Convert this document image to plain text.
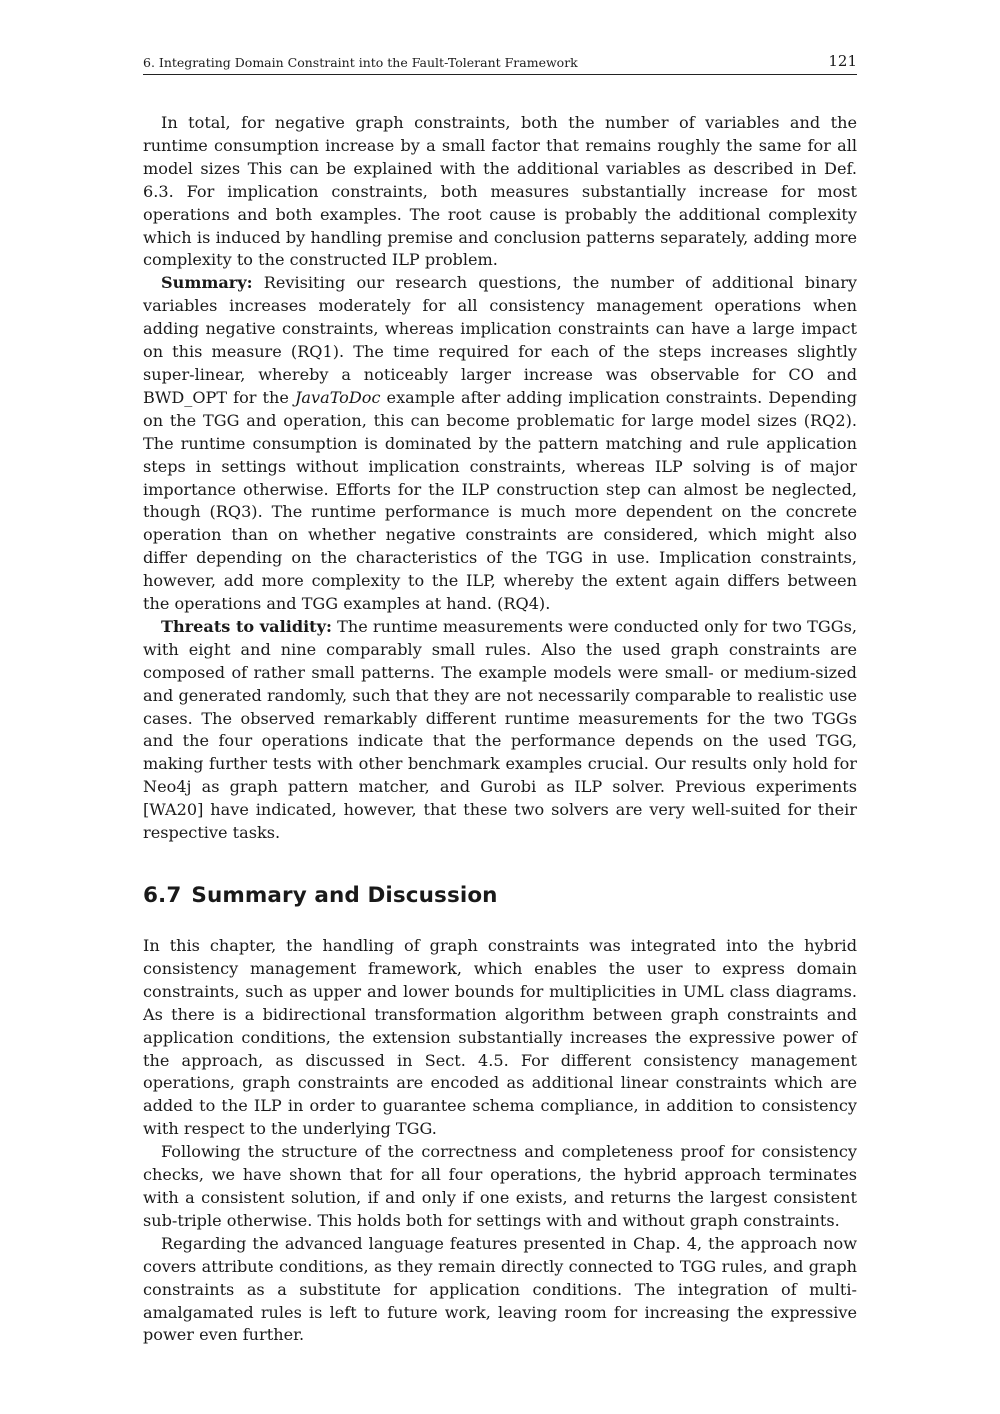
6. Integrating Domain Constraint into the Fault-Tolerant Framework	121

In total, for negative graph constraints, both the number of variables and the runtime consumption increase by a small factor that remains roughly the same for all model sizes This can be explained with the additional variables as described in Def. 6.3. For implication constraints, both measures substantially increase for most operations and both examples. The root cause is probably the additional complexity which is induced by handling premise and conclusion patterns separately, adding more complexity to the constructed ILP problem.

Summary: Revisiting our research questions, the number of additional binary variables increases moderately for all consistency management operations when adding negative constraints, whereas implication constraints can have a large impact on this measure (RQ1). The time required for each of the steps increases slightly super-linear, whereby a noticeably larger increase was observable for CO and BWD_OPT for the JavaToDoc example after adding implication constraints. Depending on the TGG and operation, this can become problematic for large model sizes (RQ2). The runtime consumption is dominated by the pattern matching and rule application steps in settings without implication constraints, whereas ILP solving is of major importance otherwise. Efforts for the ILP construction step can almost be neglected, though (RQ3). The runtime performance is much more dependent on the concrete operation than on whether negative constraints are considered, which might also differ depending on the characteristics of the TGG in use. Implication constraints, however, add more complexity to the ILP, whereby the extent again differs between the operations and TGG examples at hand. (RQ4).

Threats to validity: The runtime measurements were conducted only for two TGGs, with eight and nine comparably small rules. Also the used graph constraints are composed of rather small patterns. The example models were small- or medium-sized and generated randomly, such that they are not necessarily comparable to realistic use cases. The observed remarkably different runtime measurements for the two TGGs and the four operations indicate that the performance depends on the used TGG, making further tests with other benchmark examples crucial. Our results only hold for Neo4j as graph pattern matcher, and Gurobi as ILP solver. Previous experiments [WA20] have indicated, however, that these two solvers are very well-suited for their respective tasks.

6.7 Summary and Discussion

In this chapter, the handling of graph constraints was integrated into the hybrid consistency management framework, which enables the user to express domain constraints, such as upper and lower bounds for multiplicities in UML class diagrams. As there is a bidirectional transformation algorithm between graph constraints and application conditions, the extension substantially increases the expressive power of the approach, as discussed in Sect. 4.5. For different consistency management operations, graph constraints are encoded as additional linear constraints which are added to the ILP in order to guarantee schema compliance, in addition to consistency with respect to the underlying TGG.

Following the structure of the correctness and completeness proof for consistency checks, we have shown that for all four operations, the hybrid approach terminates with a consistent solution, if and only if one exists, and returns the largest consistent sub-triple otherwise. This holds both for settings with and without graph constraints.

Regarding the advanced language features presented in Chap. 4, the approach now covers attribute conditions, as they remain directly connected to TGG rules, and graph constraints as a substitute for application conditions. The integration of multi-amalgamated rules is left to future work, leaving room for increasing the expressive power even further.
